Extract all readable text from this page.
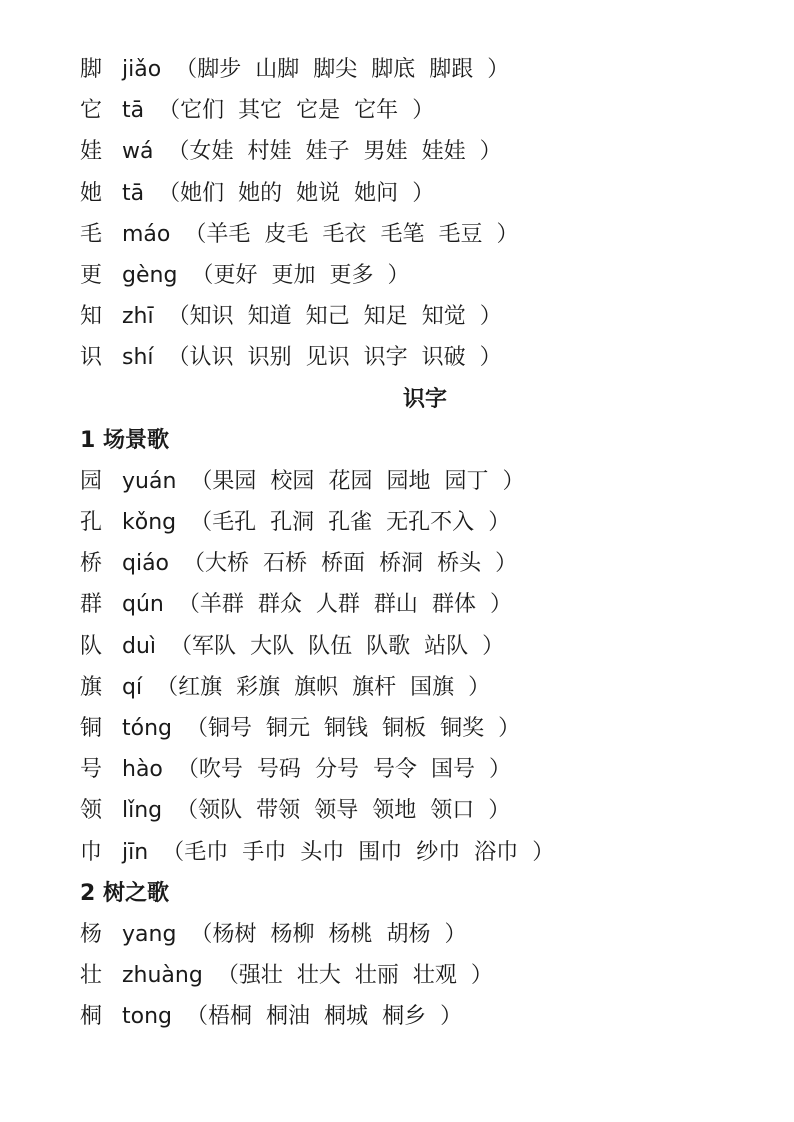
脚 jiǎo （脚步 山脚 脚尖 脚底 脚跟 ）
它 tā （它们 其它 它是 它年 ）
娃 wá （女娃 村娃 娃子 男娃 娃娃 ）
她 tā （她们 她的 她说 她问 ）
毛 máo （羊毛 皮毛 毛衣 毛笔 毛豆 ）
更 gèng （更好 更加 更多 ）
知 zhī （知识 知道 知己 知足 知觉 ）
识 shí （认识 识别 见识 识字 识破 ）
识字
1 场景歌
园 yuán （果园 校园 花园 园地 园丁 ）
孔 kǒng （毛孔 孔洞 孔雀 无孔不入 ）
桥 qiáo （大桥 石桥 桥面 桥洞 桥头 ）
群 qún （羊群 群众 人群 群山 群体 ）
队 duì （军队 大队 队伍 队歌 站队 ）
旗 qí （红旗 彩旗 旗帜 旗杆 国旗 ）
铜 tóng （铜号 铜元 铜钱 铜板 铜奖 ）
号 hào （吹号 号码 分号 号令 国号 ）
领 lǐng （领队 带领 领导 领地 领口 ）
巾 jīn （毛巾 手巾 头巾 围巾 纱巾 浴巾 ）
2 树之歌
杨 yang （杨树 杨柳 杨桃 胡杨 ）
壮 zhuàng （强壮 壮大 壮丽 壮观 ）
桐 tong （梧桐 桐油 桐城 桐乡 ）
